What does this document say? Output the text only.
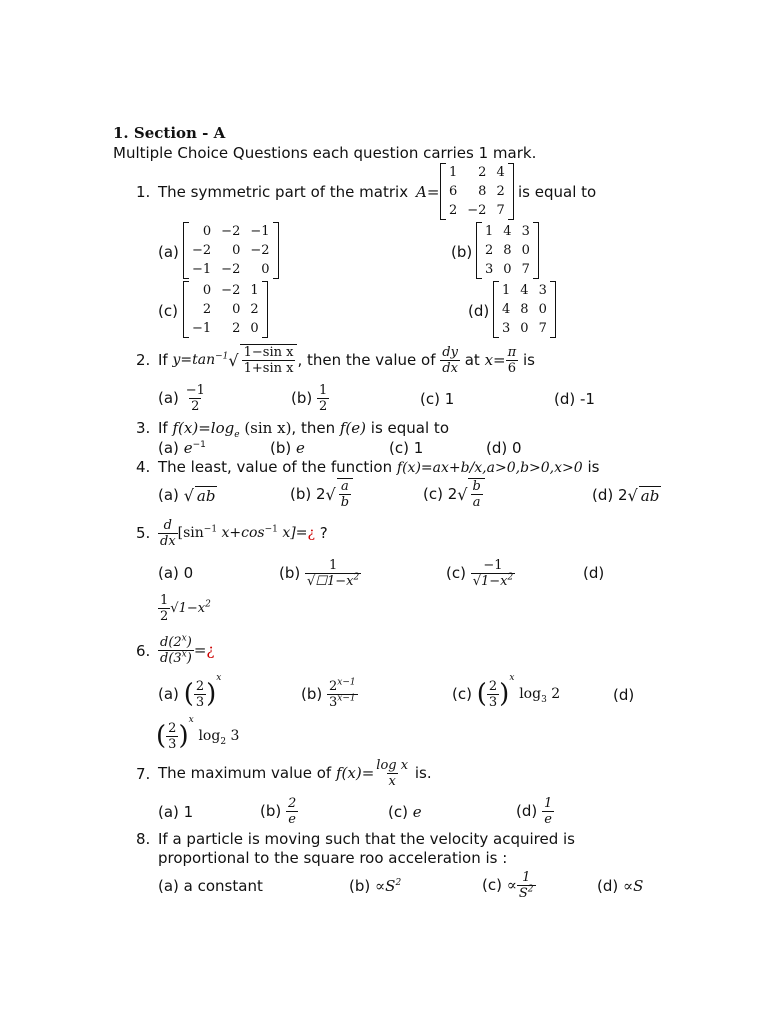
1. Section - A
Multiple Choice Questions each question carries 1 mark.
1. The symmetric part of the matrix A=
1	2	4
6	8	2
2	−2	7
is equal to
(a)
0	−2	−1
−2	0	−2
−1	−2	0
(b)
1	4	3
2	8	0
3	0	7
(c)
0	−2	1
2	0	2
−1	2	0
(d)
1	4	3
4	8	0
3	0	7
2. If
$y=\tan^{-1}$ √ $\frac{\text{1−sin x}}{\text{1+sin x}}$ , then the value of
$\frac{dy}{dx}$
at
$x= \frac{\pi}{6}$
is
(a)
$\frac{-1}{2}$	(b)
$\frac{1}{2}$	(c) 1	(d) -1
3. If $f(x)=\log_e$ (sin x), then f(e) is equal to
(a) $e^{-1}$	(b) e	(c) 1	(d) 0
4. The least, value of the function f(x)=ax+b/x,a>0,b>0,x>0 is
(a)
√ ab	(b) 2 √ $\frac{a}{b}$	(c) 2 √ $\frac{b}{a}$	(d) 2 √ ab
5. $\frac{d}{dx} [\sin^{-1}$ $x+\cos^{-1}$ x]=¿
?
(a) 0	(b)
$\frac{1}{√☐1-x^2}$	(c)
$\frac{-1}{√1-x^2}$	(d)
$\frac{1}{2} √1-x^2$
6. $\frac{d(2^x)}{d(3^x)}$ = ¿
(a)
( $\frac{2}{3}$ )
x
(b)
$\frac{2^{x-1}}{3^{x-1}}$	(c)
( $\frac{2}{3}$ )
x

$\log_3 2$	(d)
( $\frac{2}{3}$ )
x

$\log_2 3$
7. The maximum value of
$f(x)= \frac{\text{log x}}{x}$
is.
(a) 1	(b)
$\frac{2}{e}$	(c) e	(d)
$\frac{1}{e}$
8. If a particle is moving such that the velocity acquired is
proportional to the square roo acceleration is :
(a) a constant	$(b) \propto S^2$	(c)
∝ $\frac{1}{S^2}$	(d) ∝S
